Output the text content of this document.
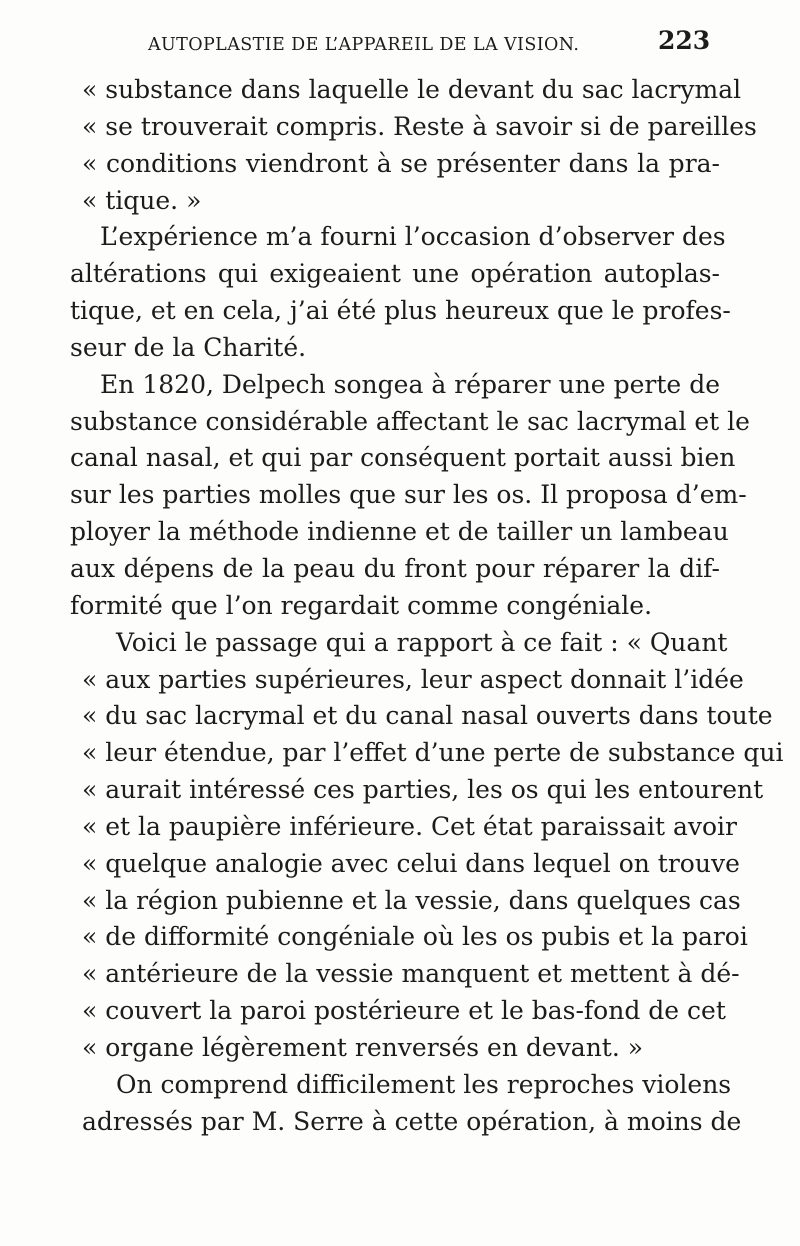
AUTOPLASTIE DE L’APPAREIL DE LA VISION.	223
« substance dans laquelle le devant du sac lacrymal
« se trouverait compris. Reste à savoir si de pareilles
« conditions viendront à se présenter dans la pra-
« tique. »
L’expérience m’a fourni l’occasion d’observer des
altérations qui exigeaient une opération autoplas-
tique, et en cela, j’ai été plus heureux que le profes-
seur de la Charité.
En 1820, Delpech songea à réparer une perte de
substance considérable affectant le sac lacrymal et le
canal nasal, et qui par conséquent portait aussi bien
sur les parties molles que sur les os. Il proposa d’em-
ployer la méthode indienne et de tailler un lambeau
aux dépens de la peau du front pour réparer la dif-
formité que l’on regardait comme congéniale.
Voici le passage qui a rapport à ce fait : « Quant
« aux parties supérieures, leur aspect donnait l’idée
« du sac lacrymal et du canal nasal ouverts dans toute
« leur étendue, par l’effet d’une perte de substance qui
« aurait intéressé ces parties, les os qui les entourent
« et la paupière inférieure. Cet état paraissait avoir
« quelque analogie avec celui dans lequel on trouve
« la région pubienne et la vessie, dans quelques cas
« de difformité congéniale où les os pubis et la paroi
« antérieure de la vessie manquent et mettent à dé-
« couvert la paroi postérieure et le bas-fond de cet
« organe légèrement renversés en devant. »
On comprend difficilement les reproches violens
adressés par M. Serre à cette opération, à moins de
